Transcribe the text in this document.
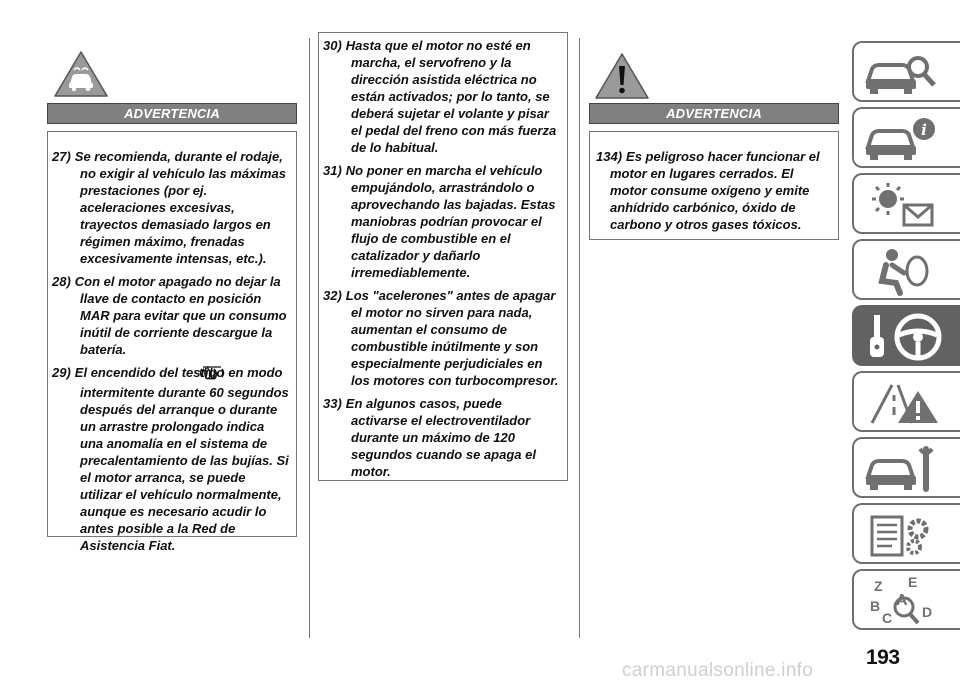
ADVERTENCIA
27) Se recomienda, durante el rodaje, no exigir al vehículo las máximas prestaciones (por ej. aceleraciones excesivas, trayectos demasiado largos en régimen máximo, frenadas excesivamente intensas, etc.).
28) Con el motor apagado no dejar la llave de contacto en posición MAR para evitar que un consumo inútil de corriente descargue la batería.
29) El encendido del testigo en modo intermitente durante 60 segundos después del arranque o durante un arrastre prolongado indica una anomalía en el sistema de precalentamiento de las bujías. Si el motor arranca, se puede utilizar el vehículo normalmente, aunque es necesario acudir lo antes posible a la Red de Asistencia Fiat.
30) Hasta que el motor no esté en marcha, el servofreno y la dirección asistida eléctrica no están activados; por lo tanto, se deberá sujetar el volante y pisar el pedal del freno con más fuerza de lo habitual.
31) No poner en marcha el vehículo empujándolo, arrastrándolo o aprovechando las bajadas. Estas maniobras podrían provocar el flujo de combustible en el catalizador y dañarlo irremediablemente.
32) Los "acelerones" antes de apagar el motor no sirven para nada, aumentan el consumo de combustible inútilmente y son especialmente perjudiciales en los motores con turbocompresor.
33) En algunos casos, puede activarse el electroventilador durante un máximo de 120 segundos cuando se apaga el motor.
ADVERTENCIA
134) Es peligroso hacer funcionar el motor en lugares cerrados. El motor consume oxígeno y emite anhídrido carbónico, óxido de carbono y otros gases tóxicos.
i
Z E
B A
C D
193
carmanualsonline.info
